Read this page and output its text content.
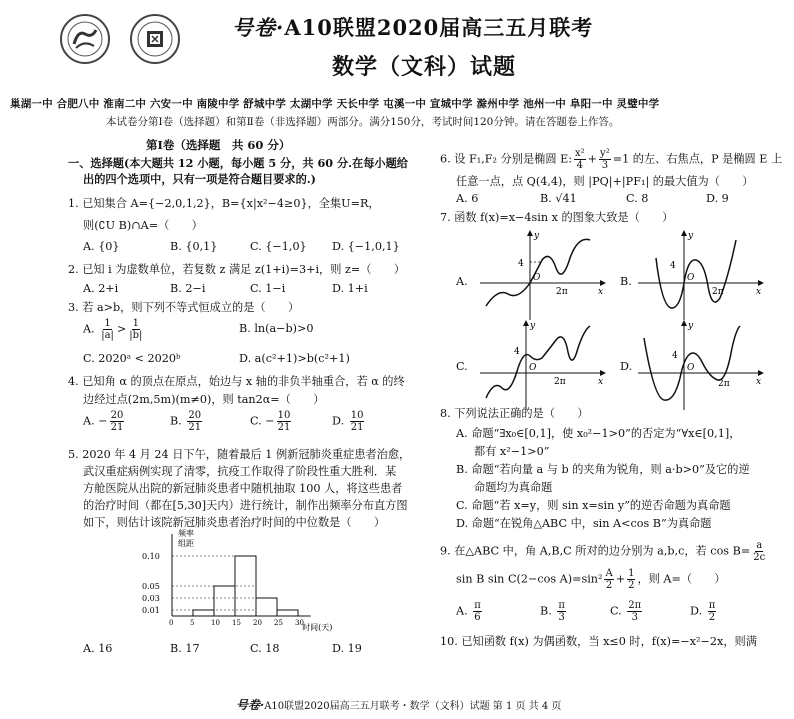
号卷·A10联盟2020届高三五月联考
数学（文科）试题
巢湖一中 合肥八中 淮南二中 六安一中 南陵中学 舒城中学 太湖中学 天长中学 屯溪一中 宣城中学 滁州中学 池州一中 阜阳一中 灵璧中学
本试卷分第Ⅰ卷（选择题）和第Ⅱ卷（非选择题）两部分。满分150分，考试时间120分钟。请在答题卷上作答。
第Ⅰ卷（选择题　共 60 分）
一、选择题(本大题共 12 小题，每小题 5 分，共 60 分.在每小题给
出的四个选项中，只有一项是符合题目要求的.)
1. 已知集合 A={−2,0,1,2}，B={x|x²−4≥0}，全集U=R，
则(∁U B)∩A=（　　）
A. {0}	B. {0,1}	C. {−1,0} D. {−1,0,1}
2. 已知 i 为虚数单位，若复数 z 满足 z(1+i)=3+i，则 z=（　　）
A. 2+i	B. 2−i	C. 1−i	D. 1+i
3. 若 a>b，则下列不等式恒成立的是（　　）
A. $\frac{1}{|a|} > \frac{1}{|b|}$	B. ln(a−b)>0
C. 2020ᵃ < 2020ᵇ	D. a(c²+1)>b(c²+1)
4. 已知角 α 的顶点在原点，始边与 x 轴的非负半轴重合，若 α 的终
边经过点(2m,5m)(m≠0)，则 tan2α=（　　）
A. − $\frac{20}{21}$	B. $\frac{20}{21}$	C. − $\frac{10}{21}$	D. $\frac{10}{21}$
5. 2020 年 4 月 24 日下午，随着最后 1 例新冠肺炎重症患者治愈，
武汉重症病例实现了清零，抗疫工作取得了阶段性重大胜利．某
方舱医院从出院的新冠肺炎患者中随机抽取 100 人，将这些患者
的治疗时间（都在[5,30]天内）进行统计，制作出频率分布直方图
如下，则估计该院新冠肺炎患者治疗时间的中位数是（　　）
频率
组距
时间(天)
0.10
0.05
0.03
0.01
0 5 10 15 20 25 30
A. 16	B. 17	C. 18	D. 19
6. 设 F₁,F₂ 分别是椭圆 E: $\frac{\text{x²}}{4} + \frac{\text{y²}}{3} =1$ 的左、右焦点，P 是椭圆 E 上
任意一点，点 Q(4,4)，则 |PQ|+|PF₁| 的最大值为（　　）
A. 6	B. √41	C. 8	D. 9
7. 函数 f(x)=x−4sin x 的图象大致是（　　）
A.
4
O
2π	x
y
B.
4
O
2π	x
y
C.
4
O
2π	x
y
D.
4
O
2π	x
y
8. 下列说法正确的是（　　）
A. 命题“∃x₀∈[0,1]，使 x₀²−1>0”的否定为“∀x∈[0,1]，
都有 x²−1>0”
B. 命题“若向量 a 与 b 的夹角为锐角，则 a·b>0”及它的逆
命题均为真命题
C. 命题“若 x=y，则 sin x=sin y”的逆否命题为真命题
D. 命题“在锐角△ABC 中，sin A<cos B”为真命题
9. 在△ABC 中，角 A,B,C 所对的边分别为 a,b,c，若 $\cos B= \frac{a}{2c}$
sin B sin C(2−cos $A)=\sin^2 \frac{A}{2} + \frac{1}{2}$ ，则 A=（　　）
A. $\frac{\pi}{6}$	B. $\frac{\pi}{3}$	C. $\frac{2\pi}{3}$	D. $\frac{\pi}{2}$
10. 已知函数 f(x) 为偶函数，当 x≤0 时，f(x)=−x²−2x，则满
号卷·A10联盟2020届高三五月联考・数学（文科）试题 第 1 页 共 4 页
